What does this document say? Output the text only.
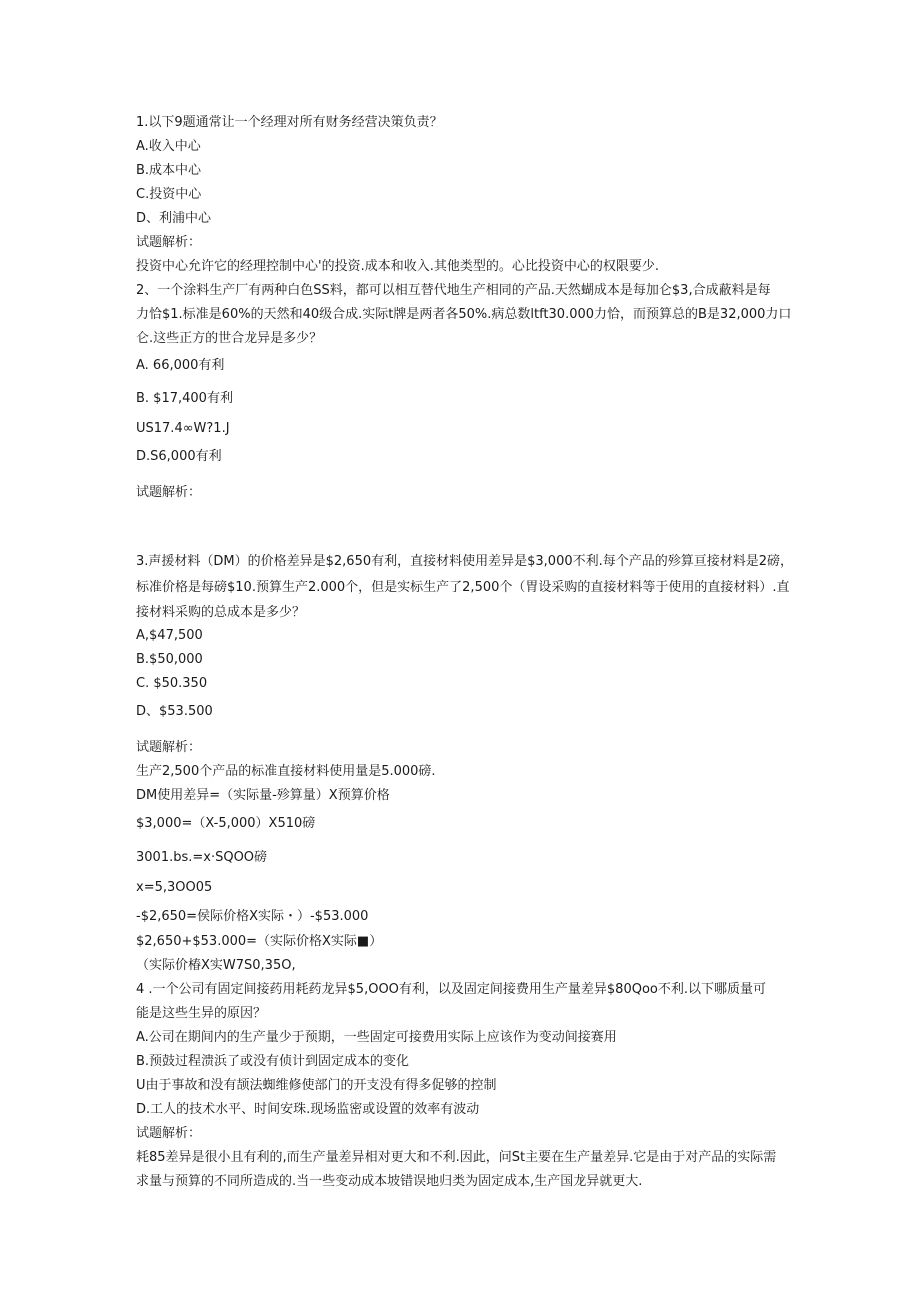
1.以下9题通常让一个经理对所有财务经营决策负责？
A.收入中心
B.成本中心
C.投资中心
D、利浦中心
试题解析：
投资中心允许它的经理控制中心'的投资.成本和收入.其他类型的。心比投资中心的权限要少.
2、一个涂料生产厂有两种白色SS料，都可以相互替代地生产相同的产品.天然蝴成本是每加仑$3,合成蔽料是每
力恰$1.标准是60%的天然和40级合成.实际t牌是两者各50%.病总数ltft30.000力恰，而预算总的B是32,000力口
仑.这些正方的世合龙异是多少？
A. 66,000有利
B. $17,400有利
US17.4∞W?1.J
D.S6,000有利
试题解析：
3.声援材料（DM）的价格差异是$2,650有利，直接材料使用差异是$3,000不利.每个产品的殄算亘接材料是2磅，
标准价格是每磅$10.预算生产2.000个，但是实标生产了2,500个（胃设采购的直接材料等于使用的直接材料）.直
接材料采购的总成本是多少？
A,$47,500
B.$50,000
C. $50.350
D、$53.500
试题解析：
生产2,500个产品的标准直接材料使用量是5.000磅.
DM使用差异=（实际量-殄算量）X预算价格
$3,000=（X-5,000）X510磅
3001.bs.=x·SQOO磅
x=5,3OO05
-$2,650=侯际价格X实际・）-$53.000
$2,650+$53.000=（实际价格X实际■）
（实际价椿X实W7S0,35O,
4 .一个公司有固定间接药用耗药龙异$5,OOO有利，以及固定间接费用生产量差异$80Qoo不利.以下哪质量可
能是这些生异的原因？
A.公司在期间内的生产量少于预期，一些固定可接费用实际上应该作为变动间接赛用
B.预鼓过程溃浜了或没有侦计到固定成本的变化
U由于事故和没有颉法蜘维修使部门的开支没有得多促够的控制
D.工人的技术水平、时间安珠.现场监密或设置的效率有波动
试题解析：
耗85差异是很小且有利的,而生产量差异相对更大和不利.因此，问St主要在生产量差异.它是由于对产品的实际需
求量与预算的不同所造成的.当一些变动成本坡错误地归类为固定成本,生产国龙异就更大.
